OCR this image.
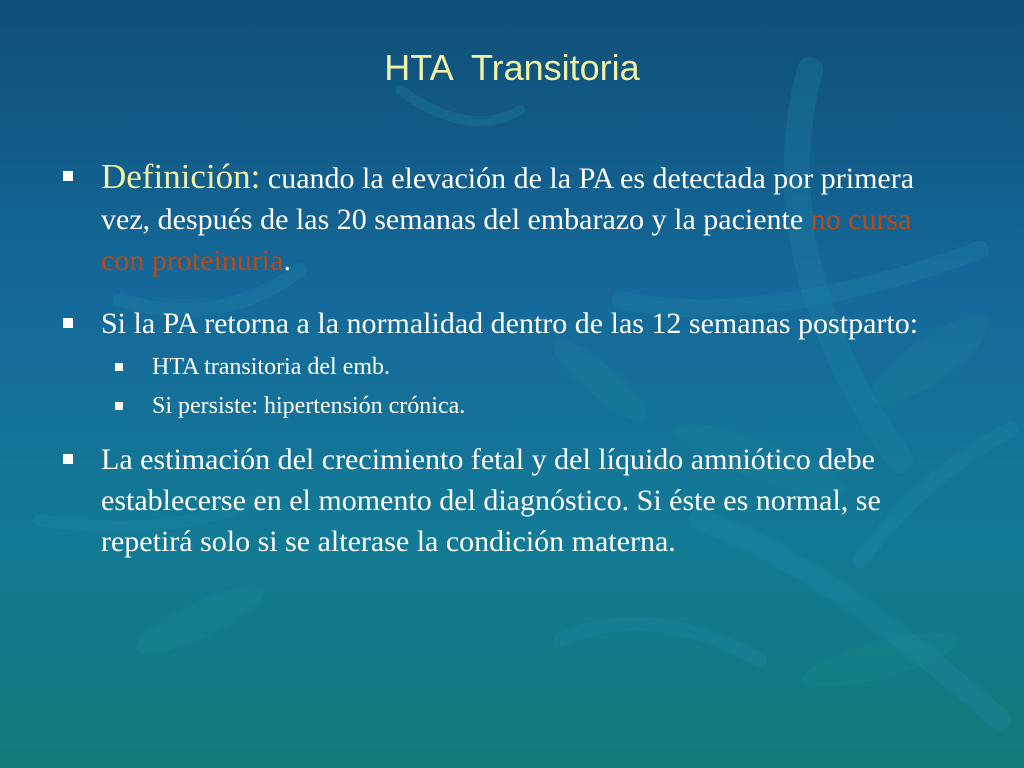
HTA  Transitoria
Definición: cuando la elevación de la PA es detectada por primera vez, después de las 20 semanas del embarazo y la paciente no cursa con proteinuria.
Si la PA retorna a la normalidad dentro de las 12 semanas postparto:
HTA transitoria del emb.
Si persiste: hipertensión crónica.
La estimación del crecimiento fetal y del líquido amniótico debe establecerse en el momento del diagnóstico. Si éste es normal, se repetirá solo si se alterase la condición materna.
